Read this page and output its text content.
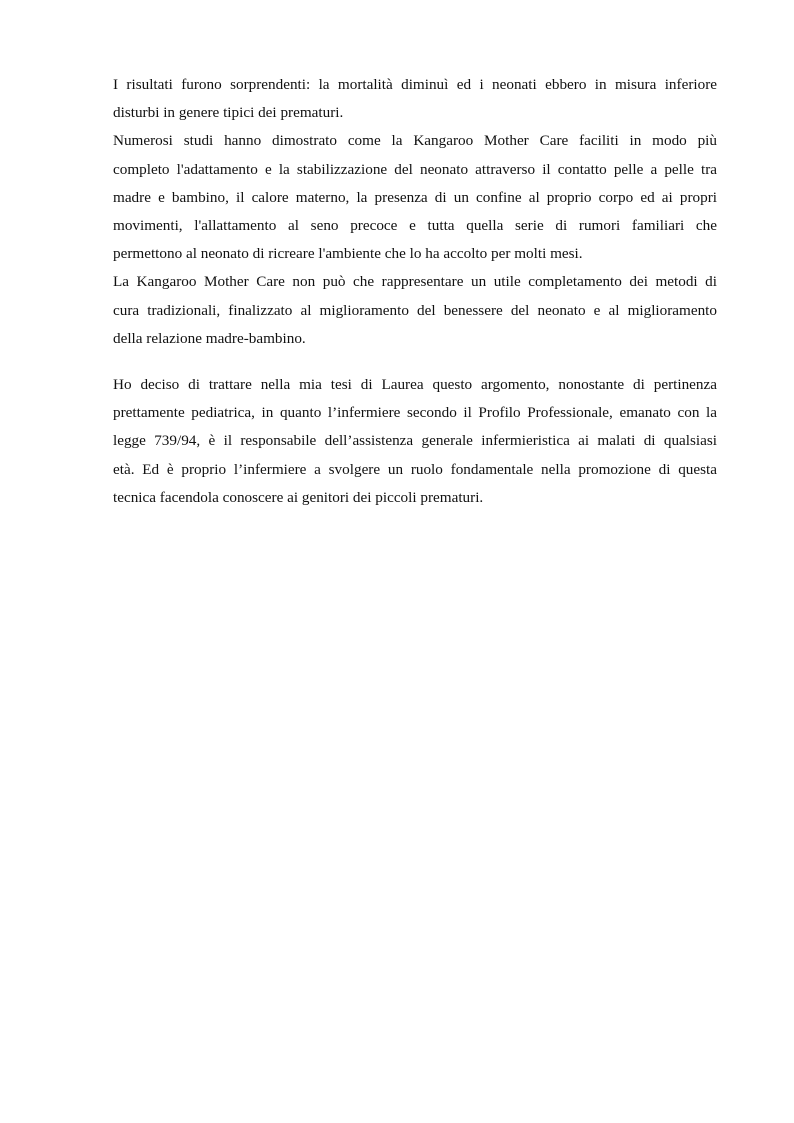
I risultati furono sorprendenti: la mortalità diminuì ed i neonati ebbero in misura inferiore
disturbi in genere tipici dei prematuri.
Numerosi studi hanno dimostrato come la Kangaroo Mother Care faciliti in modo più
completo l'adattamento e la stabilizzazione del neonato attraverso il contatto pelle a pelle tra
madre e bambino, il calore materno, la presenza di un confine al proprio corpo ed ai propri
movimenti, l'allattamento al seno precoce e tutta quella serie di rumori familiari che
permettono al neonato di ricreare l'ambiente che lo ha accolto per molti mesi.
La Kangaroo Mother Care non può che rappresentare un utile completamento dei metodi di
cura tradizionali, finalizzato al miglioramento del benessere del neonato e al miglioramento
della relazione madre-bambino.
Ho deciso di trattare nella mia tesi di Laurea questo argomento, nonostante di pertinenza
prettamente pediatrica, in quanto l’infermiere secondo il Profilo Professionale, emanato con la
legge 739/94, è il responsabile dell’assistenza generale infermieristica ai malati di qualsiasi
età. Ed è proprio l’infermiere a svolgere un ruolo fondamentale nella promozione di questa
tecnica facendola conoscere ai genitori dei piccoli prematuri.
